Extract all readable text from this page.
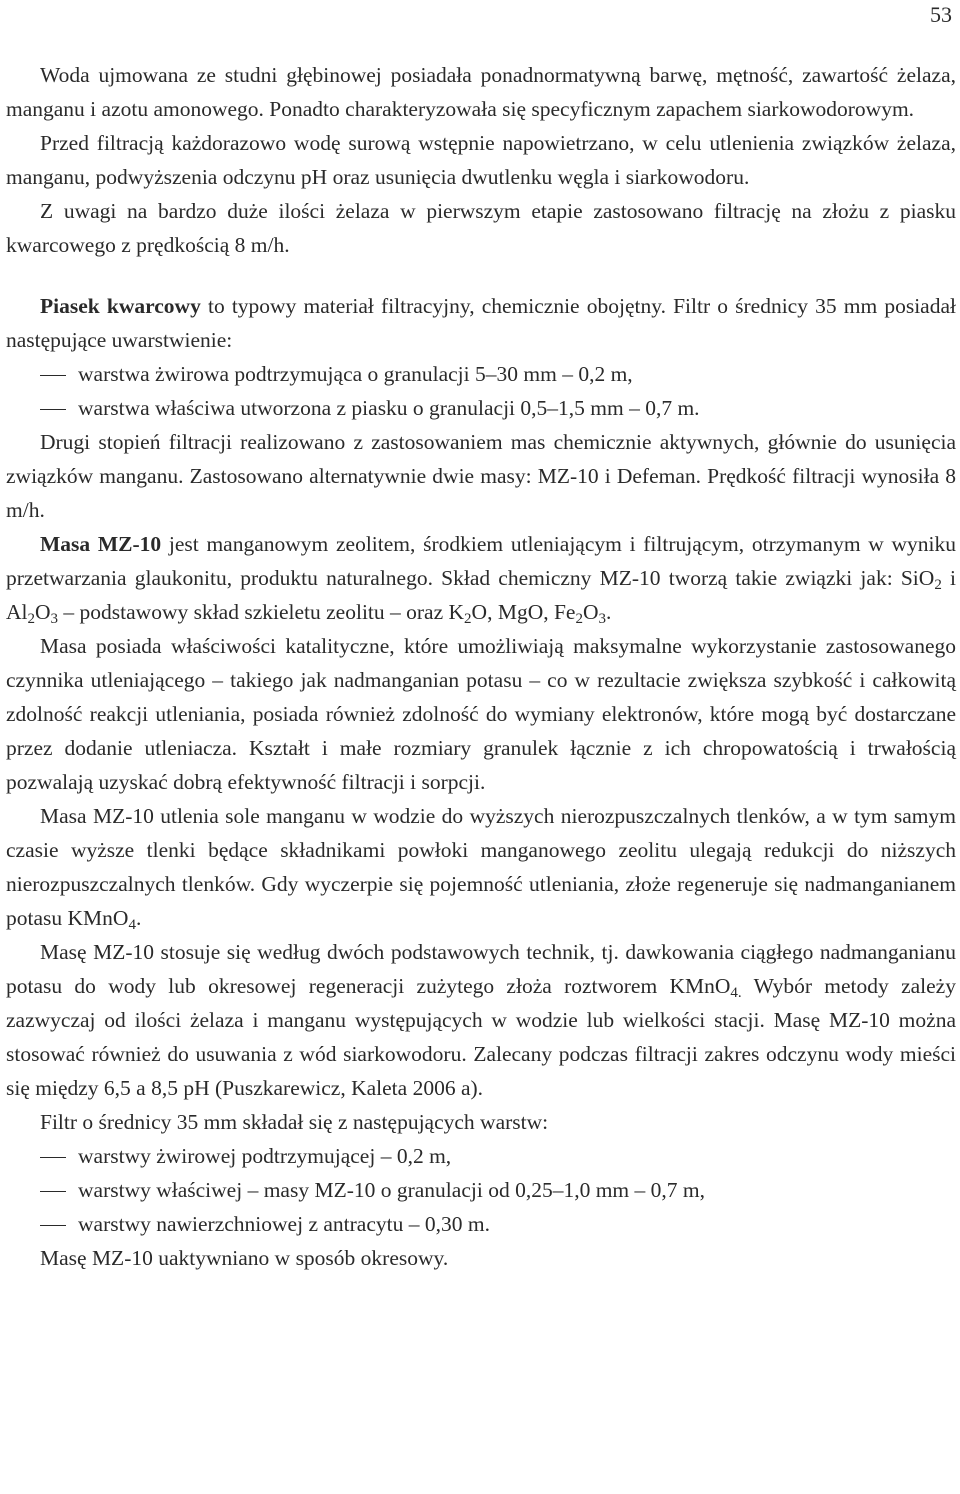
53

Woda ujmowana ze studni głębinowej posiadała ponadnormatywną barwę, mętność, zawartość żelaza, manganu i azotu amonowego. Ponadto charakteryzowała się specyficznym zapachem siarkowodorowym.

Przed filtracją każdorazowo wodę surową wstępnie napowietrzano, w celu utlenienia związków żelaza, manganu, podwyższenia odczynu pH oraz usunięcia dwutlenku węgla i siarkowodoru.

Z uwagi na bardzo duże ilości żelaza w pierwszym etapie zastosowano filtrację na złożu z piasku kwarcowego z prędkością 8 m/h.

Piasek kwarcowy to typowy materiał filtracyjny, chemicznie obojętny. Filtr o średnicy 35 mm posiadał następujące uwarstwienie:

warstwa żwirowa podtrzymująca o granulacji 5–30 mm – 0,2 m,
warstwa właściwa utworzona z piasku o granulacji 0,5–1,5 mm – 0,7 m.

Drugi stopień filtracji realizowano z zastosowaniem mas chemicznie aktywnych, głównie do usunięcia związków manganu. Zastosowano alternatywnie dwie masy: MZ-10 i Defeman. Prędkość filtracji wynosiła 8 m/h.

Masa MZ-10 jest manganowym zeolitem, środkiem utleniającym i filtrującym, otrzymanym w wyniku przetwarzania glaukonitu, produktu naturalnego. Skład chemiczny MZ-10 tworzą takie związki jak: SiO$_2$ i $Al_2O_3$ – podstawowy skład szkieletu zeolitu – oraz $K_2O$, MgO, $Fe_2O_3$.

Masa posiada właściwości katalityczne, które umożliwiają maksymalne wykorzystanie zastosowanego czynnika utleniającego – takiego jak nadmanganian potasu – co w rezultacie zwiększa szybkość i całkowitą zdolność reakcji utleniania, posiada również zdolność do wymiany elektronów, które mogą być dostarczane przez dodanie utleniacza. Kształt i małe rozmiary granulek łącznie z ich chropowatością i trwałością pozwalają uzyskać dobrą efektywność filtracji i sorpcji.

Masa MZ-10 utlenia sole manganu w wodzie do wyższych nierozpuszczalnych tlenków, a w tym samym czasie wyższe tlenki będące składnikami powłoki manganowego zeolitu ulegają redukcji do niższych nierozpuszczalnych tlenków. Gdy wyczerpie się pojemność utleniania, złoże regeneruje się nadmanganianem potasu KMnO$_4$.

Masę MZ-10 stosuje się według dwóch podstawowych technik, tj. dawkowania ciągłego nadmanganianu potasu do wody lub okresowej regeneracji zużytego złoża roztworem KMnO$_{4.}$ Wybór metody zależy zazwyczaj od ilości żelaza i manganu występujących w wodzie lub wielkości stacji. Masę MZ-10 można stosować również do usuwania z wód siarkowodoru. Zalecany podczas filtracji zakres odczynu wody mieści się między 6,5 a 8,5 pH (Puszkarewicz, Kaleta 2006 a).

Filtr o średnicy 35 mm składał się z następujących warstw:

warstwy żwirowej podtrzymującej – 0,2 m,
warstwy właściwej – masy MZ-10 o granulacji od 0,25–1,0 mm – 0,7 m,
warstwy nawierzchniowej z antracytu – 0,30 m.

Masę MZ-10 uaktywniano w sposób okresowy.
